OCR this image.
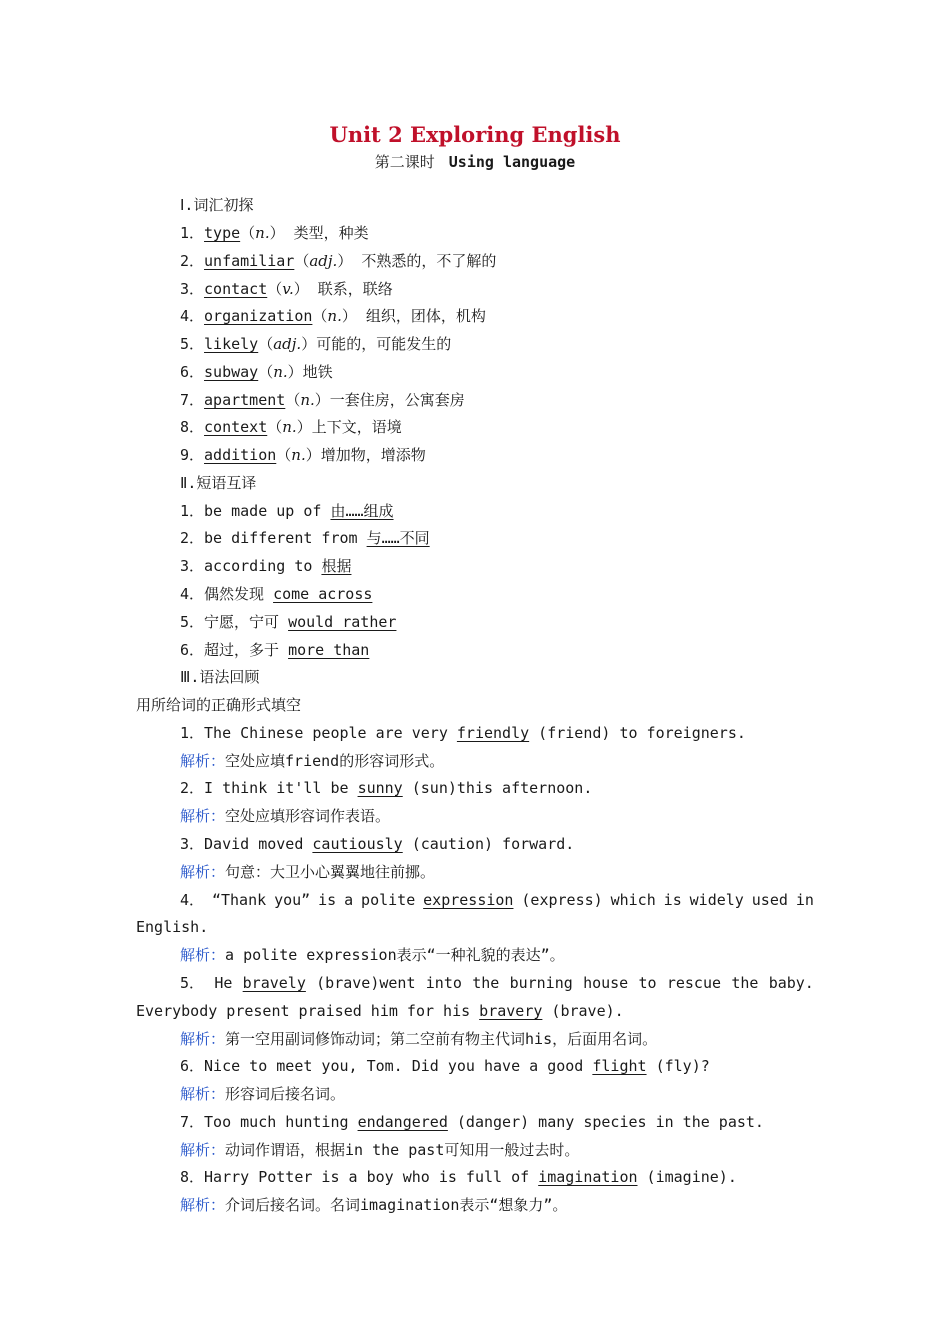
Unit 2 Exploring English
第二课时 Using language
Ⅰ.词汇初探
1．type（n.） 类型，种类
2．unfamiliar（adj.） 不熟悉的，不了解的
3．contact（v.） 联系，联络
4．organization（n.） 组织，团体，机构
5．likely（adj.）可能的，可能发生的
6．subway（n.）地铁
7．apartment（n.）一套住房，公寓套房
8．context（n.）上下文，语境
9．addition（n.）增加物，增添物
Ⅱ.短语互译
1．be made up of 由……组成
2．be different from 与……不同
3．according to 根据
4．偶然发现 come across
5．宁愿，宁可 would rather
6．超过，多于 more than
Ⅲ.语法回顾
用所给词的正确形式填空
1．The Chinese people are very friendly (friend) to foreigners.
解析：空处应填friend的形容词形式。
2．I think it'll be sunny (sun)this afternoon.
解析：空处应填形容词作表语。
3．David moved cautiously (caution) forward.
解析：句意：大卫小心翼翼地往前挪。
4． “Thank you” is a polite expression (express) which is widely used in
English.
解析：a polite expression表示“一种礼貌的表达”。
5． He bravely (brave)went into the burning house to rescue the baby.
Everybody present praised him for his bravery (brave).
解析：第一空用副词修饰动词；第二空前有物主代词his，后面用名词。
6．Nice to meet you, Tom. Did you have a good flight (fly)?
解析：形容词后接名词。
7．Too much hunting endangered (danger) many species in the past.
解析：动词作谓语，根据in the past可知用一般过去时。
8．Harry Potter is a boy who is full of imagination (imagine).
解析：介词后接名词。名词imagination表示“想象力”。
